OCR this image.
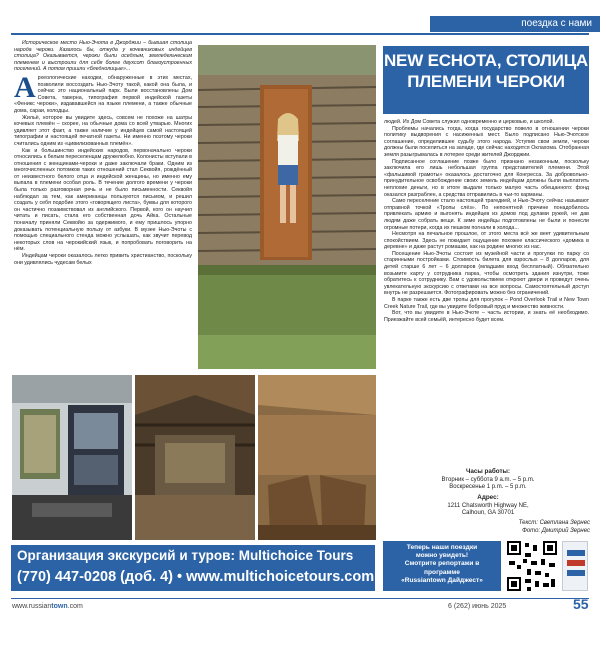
поездка с нами

Историческое место Нью-Эчота в Джорджии – бывшая столица народа чероки. Казалось бы, откуда у кочевниковых индейцев столица? Оказывается, чероки были оседлым, земледельческим племенем и выстроили для себя более двухсот благоустроенных поселений. А потом пришли «бледнолицые»...

А рхеологические находки, обнаруженные в этих местах, позволили воссоздать Нью-Эчоту такой, какой она была, и сейчас это национальный парк. Были восстановлены Дом Совета, таверна, типография первой индейской газеты «Феникс чероки», издававшейся на языке племени, а также обычные дома, сараи, колодцы.

Жильё, которое вы увидите здесь, совсем не похоже на шатры кочевых племён – скорее, на обычные дома со всей утварью. Многих удивляет этот факт, а также наличие у индейцев самой настоящей типографии и настоящей печатной газеты. Ни именно поэтому чероки считались одним из «цивилизованных племён».

Как и большинство индейских народов, первоначально чероки относились к белым переселенцам дружелюбно. Колонисты вступали в отношения с женщинами-чероки и даже заключали браки. Одним из многочисленных потомков таких отношений стал Секвойя, рождённый от неизвестного белого отца и индейской женщины, но именно ему выпала в племени особая роль. В течение долгого времени у чероки была только разговорная речь и не было письменности. Секвойя наблюдал за тем, как американцы пользуются письмом, и решил создать у себя подобие этого «говорящего листа», буквы для которого он частично позаимствовал из английского. Первой, кого он научил читать и писать, стала его собственная дочь Айка. Остальные поначалу приняли Секвойю за одержимого, и ему пришлось упорно доказывать потенциальную пользу от азбуки. В музее Нью-Эчоты с помощью специального стенда можно услышать, как звучит перевод некоторых слов на черокийский язык, и попробовать поговорить на нём.

Индейцам чероки оказалось легко привить христианство, поскольку они удивлялись чудесам белых

NEW ECHOTA, СТОЛИЦА
ПЛЕМЕНИ ЧЕРОКИ

людей. Их Дом Совета служил одновременно и церковью, и школой.

Проблемы начались тогда, когда государство повело в отношении чероки политику выдворения с насиженных мест. Было подписано Нью-Эчотское соглашение, определившее судьбу этого народа. Уступив свои земли, чероки должны были поселиться на западе, где сейчас находится Оклахома. Отобранная земля разыгрывалась в лотерее среди жителей Джорджии.

Подписанное соглашение позже было признано незаконным, поскольку заключила его лишь небольшая группа представителей племени. Этой «фальшивой грамоты» оказалось достаточно для Конгресса. За добровольно-принудительное освобождение своих земель индейцам должны были выплатить неплохие деньги, но в итоге выдали только малую часть обещанного: фонд оказался разграблен, а средства отправились в чьи-то карманы.

Само переселение стало настоящей трагедией, и Нью-Эчоту сейчас называют отправной точкой «Тропы слёз». По непонятной причине понадобилось привлекать армию и выгонять индейцев из домов под дулами ружей, не дав людям даже собрать вещи. К зиме индейцы подготовлены не были и понесли огромные потери, когда их пешком погнали в холода...

Несмотря на печальное прошлое, от этого места всё же веет удивительным спокойствием. Здесь не покидает ощущение похожее классического «домика в деревне» и даже растут ромашки, как на родине многих из нас.

Посещение Нью-Эчоты состоит из музейной части и прогулки по парку со старинными постройками. Стоимость билета для взрослых – 8 долларов, для детей старше 6 лет – 6 долларов (младшим вход бесплатный). Обязательно возьмите карту у сотрудника парка, чтобы осмотреть здания изнутри, тоже обратитесь к сотруднику. Вам с удовольствием откроют двери и проведут очень увлекательную экскурсию с ответами на все вопросы. Самостоятельный доступ внутрь не разрешается. Фотографировать можно без ограничений.

В парке также есть две тропы для прогулок – Pond Overlook Trail и New Town Creek Nature Trail, где вы увидите бобровый пруд и множество живности.

Вот, что вы увидите в Нью-Эчоте – часть истории, и знать её необходимо. Приезжайте всей семьёй, интересно будет всем.

Часы работы:
Вторник – суббота 9 a.m. – 5 p.m.
Воскресенье 1 p.m. – 5 p.m.
Адрес:
1211 Chatsworth Highway NE,
Calhoun, GA 30701
Текст: Светлана Зернес
Фото: Дмитрий Зернес
Организация экскурсий и туров: Multichoice Tours
(770) 447-0208 (доб. 4) • www.multichoicetours.com
Теперь наши поездки
можно увидеть!
Смотрите репортажи в
программе
«Russiantown Дайджест»
www.russiantown.com	6 (262) июнь 2025	55
